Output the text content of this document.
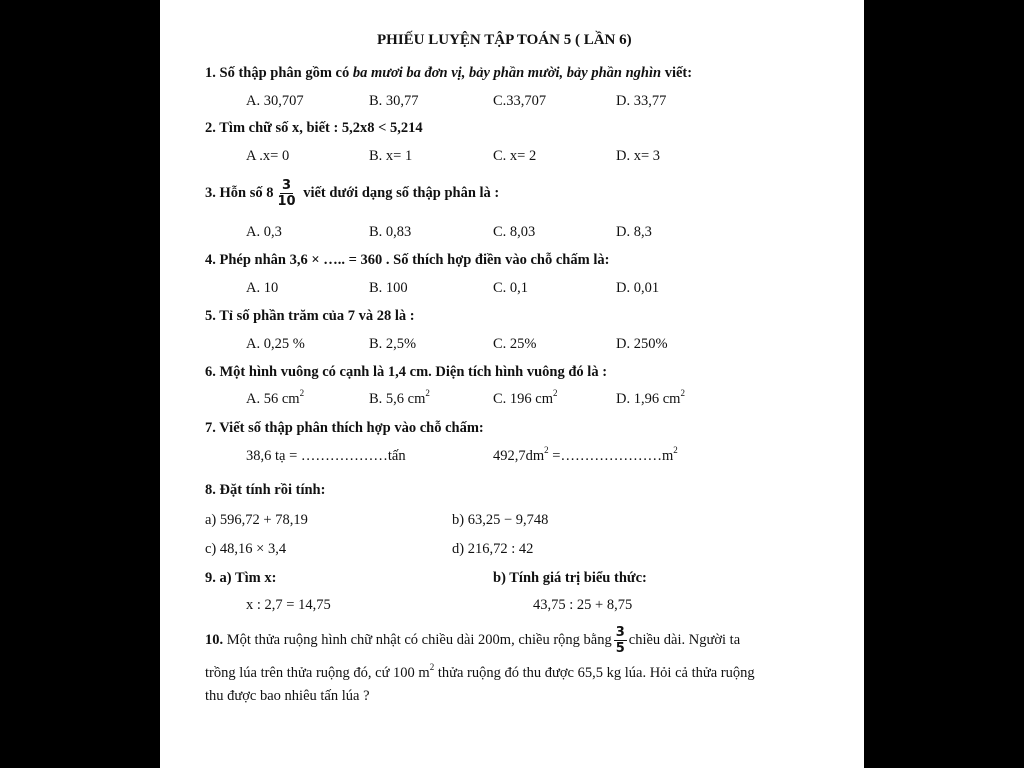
PHIẾU LUYỆN TẬP TOÁN 5 ( LẦN 6)
1. Số thập phân gồm có ba mươi ba đơn vị, bảy phần mười, bảy phần nghìn viết:
A. 30,707	B. 30,77	C.33,707	D. 33,77
2. Tìm chữ số x, biết : 5,2x8 < 5,214
A .x= 0	B. x= 1	C. x= 2	D. x= 3
3. Hỗn số $8 \frac{3}{10}$ viết dưới dạng số thập phân là :
A. 0,3	B. 0,83	C. 8,03	D. 8,3
4. Phép nhân 3,6 × ….. = 360 . Số thích hợp điền vào chỗ chấm là:
A. 10	B. 100	C. 0,1	D. 0,01
5. Tỉ số phần trăm của 7 và 28 là :
A. 0,25 %	B. 2,5%	C. 25%	D. 250%
6. Một hình vuông có cạnh là 1,4 cm. Diện tích hình vuông đó là :
A. 56 $cm^2$	B. 5,6 $cm^2$	C. 196 $cm^2$	D. 1,96 $cm^2$
7. Viết số thập phân thích hợp vào chỗ chấm:
38,6 tạ = ………………tấn	$492,7dm^2$ $=\dots\dots\dots\dots\dots\dots\dots m^2$
8. Đặt tính rồi tính:
a) 596,72 + 78,19	b) 63,25 − 9,748
c) 48,16 × 3,4	d) 216,72 : 42
9. a) Tìm x:	b) Tính giá trị biểu thức:
x : 2,7 = 14,75	43,75 : 25 + 8,75
10. Một thửa ruộng hình chữ nhật có chiều dài 200m, chiều rộng bằng $\frac{3}{5}$ chiều dài. Người ta
trồng lúa trên thửa ruộng đó, cứ 100 $m^2$ thửa ruộng đó thu được 65,5 kg lúa. Hỏi cả thửa ruộng
thu được bao nhiêu tấn lúa ?
